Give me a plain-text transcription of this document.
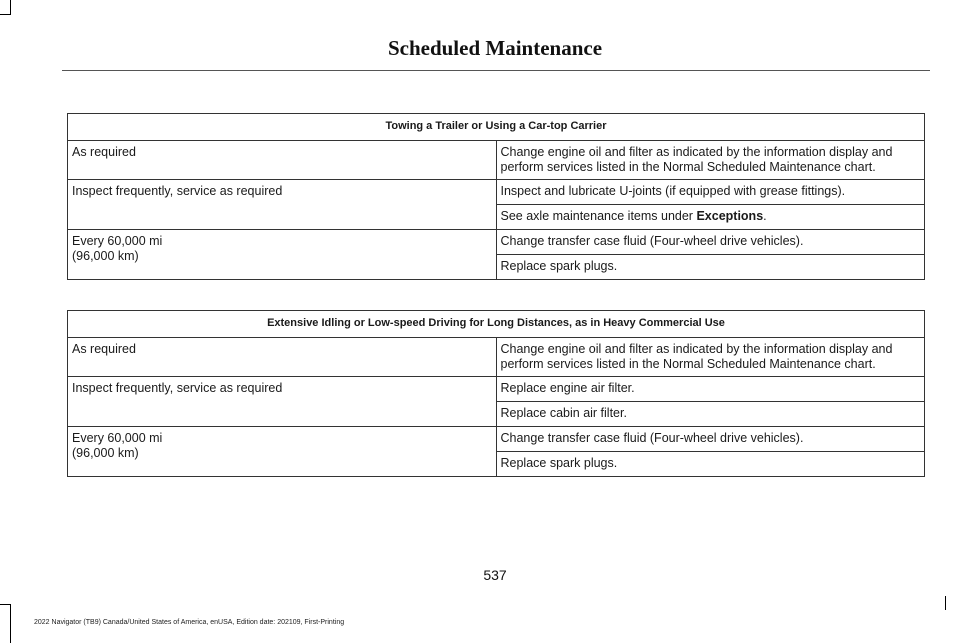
Scheduled Maintenance
Towing a Trailer or Using a Car-top Carrier	
As required	Change engine oil and filter as indicated by the information display and perform services listed in the Normal Scheduled Maintenance chart.
Inspect frequently, service as required	Inspect and lubricate U-joints (if equipped with grease fittings).
	See axle maintenance items under Exceptions.

Every 60,000 mi
(96,000 km)	Change transfer case fluid (Four-wheel drive vehicles).
	Replace spark plugs.
Extensive Idling or Low-speed Driving for Long Distances, as in Heavy Commercial Use	
As required	Change engine oil and filter as indicated by the information display and perform services listed in the Normal Scheduled Maintenance chart.
Inspect frequently, service as required	Replace engine air filter.
	Replace cabin air filter.

Every 60,000 mi
(96,000 km)	Change transfer case fluid (Four-wheel drive vehicles).
	Replace spark plugs.
537
2022 Navigator (TB9) Canada/United States of America, enUSA, Edition date: 202109, First-Printing
